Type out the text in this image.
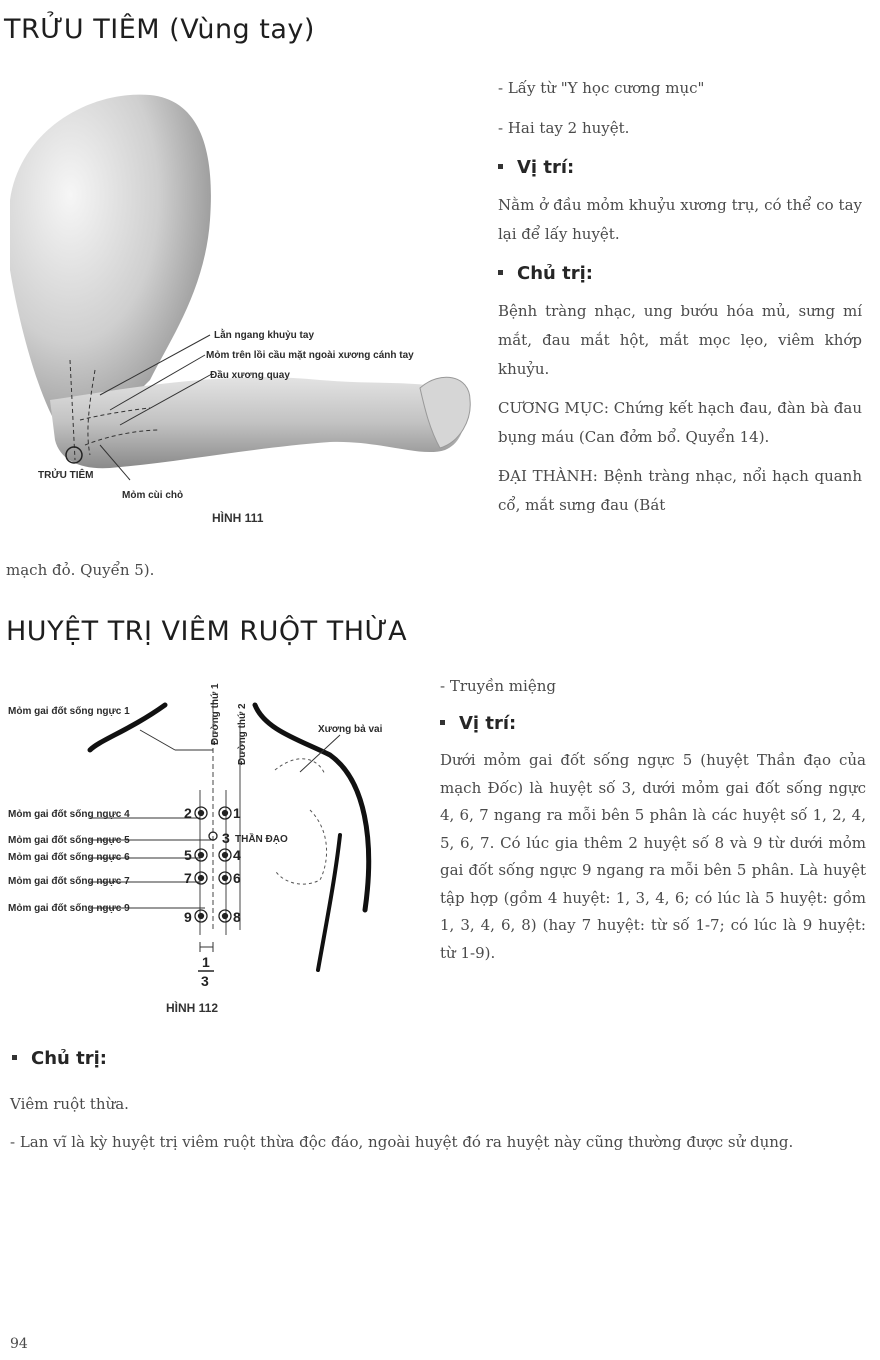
TRỬU TIÊM (Vùng tay)
Lằn ngang khuỷu tay
Mỏm trên lồi cầu mặt ngoài xương cánh tay
Đầu xương quay
TRỬU TIÊM
Mỏm cùi chỏ
HÌNH 111
- Lấy từ "Y học cương mục"
- Hai tay 2 huyệt.
Vị trí:
Nằm ở đầu mỏm khuỷu xương trụ, có thể co tay lại để lấy huyệt.
Chủ trị:
Bệnh tràng nhạc, ung bướu hóa mủ, sưng mí mắt, đau mắt hột, mắt mọc lẹo, viêm khớp khuỷu.
CƯƠNG MỤC: Chứng kết hạch đau, đàn bà đau bụng máu (Can đởm bổ. Quyển 14).
ĐẠI THÀNH: Bệnh tràng nhạc, nổi hạch quanh cổ, mắt sưng đau (Bát
mạch đỏ. Quyển 5).
HUYỆT TRỊ VIÊM RUỘT THỪA
Đường thứ 1 Đường thứ 2
2	1
3
5	4
7	6
9	8
Mỏm gai đốt sống ngực 1
Xương bả vai
Mỏm gai đốt sống ngực 4
Mỏm gai đốt sống ngực 5
Mỏm gai đốt sống ngực 6
Mỏm gai đốt sống ngực 7
Mỏm gai đốt sống ngực 9
THẦN ĐẠO
1
3
HÌNH 112
- Truyền miệng
Vị trí:
Dưới mỏm gai đốt sống ngực 5 (huyệt Thần đạo của mạch Đốc) là huyệt số 3, dưới mỏm gai đốt sống ngực 4, 6, 7 ngang ra mỗi bên 5 phân là các huyệt số 1, 2, 4, 5, 6, 7. Có lúc gia thêm 2 huyệt số 8 và 9 từ dưới mỏm gai đốt sống ngực 9 ngang ra mỗi bên 5 phân. Là huyệt tập hợp (gồm 4 huyệt: 1, 3, 4, 6; có lúc là 5 huyệt: gồm 1, 3, 4, 6, 8) (hay 7 huyệt: từ số 1-7; có lúc là 9 huyệt: từ 1-9).
Chủ trị:
Viêm ruột thừa.
- Lan vĩ là kỳ huyệt trị viêm ruột thừa độc đáo, ngoài huyệt đó ra huyệt này cũng thường được sử dụng.
94
